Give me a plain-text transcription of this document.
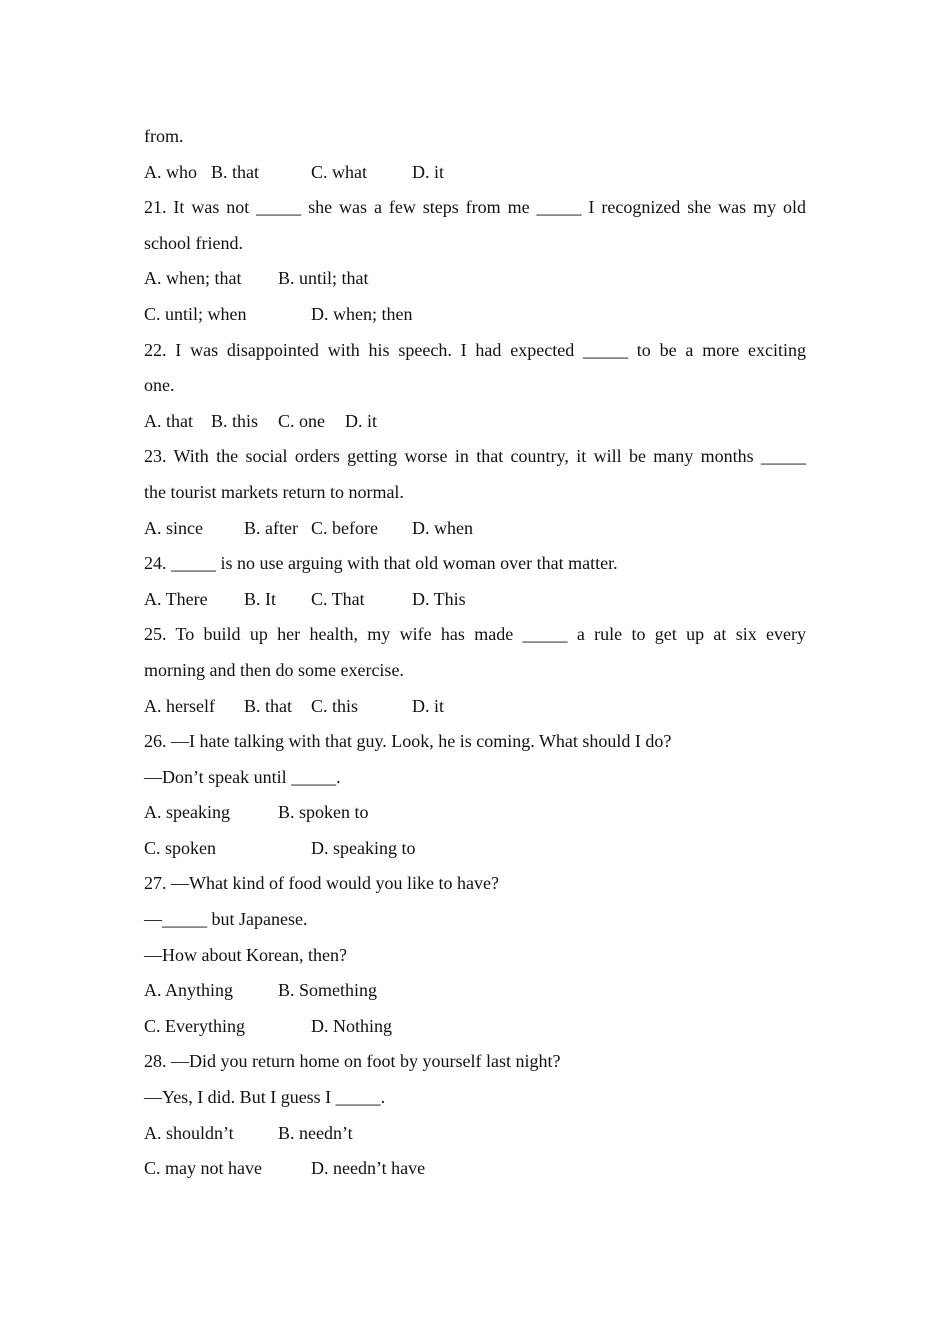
from.
A. who B. that	C. what	D. it
21. It was not _____ she was a few steps from me _____ I recognized she was my old
school friend.
A. when; that B. until; that
C. until; when	D. when; then
22. I was disappointed with his speech. I had expected _____ to be a more exciting
one.
A. that B. this C. one D. it
23. With the social orders getting worse in that country, it will be many months _____
the tourist markets return to normal.
A. since B. after C. before D. when
24. _____ is no use arguing with that old woman over that matter.
A. There B. It C. That	D. This
25. To build up her health, my wife has made _____ a rule to get up at six every
morning and then do some exercise.
A. herself B. that C. this	D. it
26. —I hate talking with that guy. Look, he is coming. What should I do?
—Don’t speak until _____.
A. speaking	B. spoken to
C. spoken	D. speaking to
27. —What kind of food would you like to have?
—_____ but Japanese.
—How about Korean, then?
A. Anything B. Something
C. Everything	D. Nothing
28. —Did you return home on foot by yourself last night?
—Yes, I did. But I guess I _____.
A. shouldn’t B. needn’t
C. may not have	D. needn’t have
